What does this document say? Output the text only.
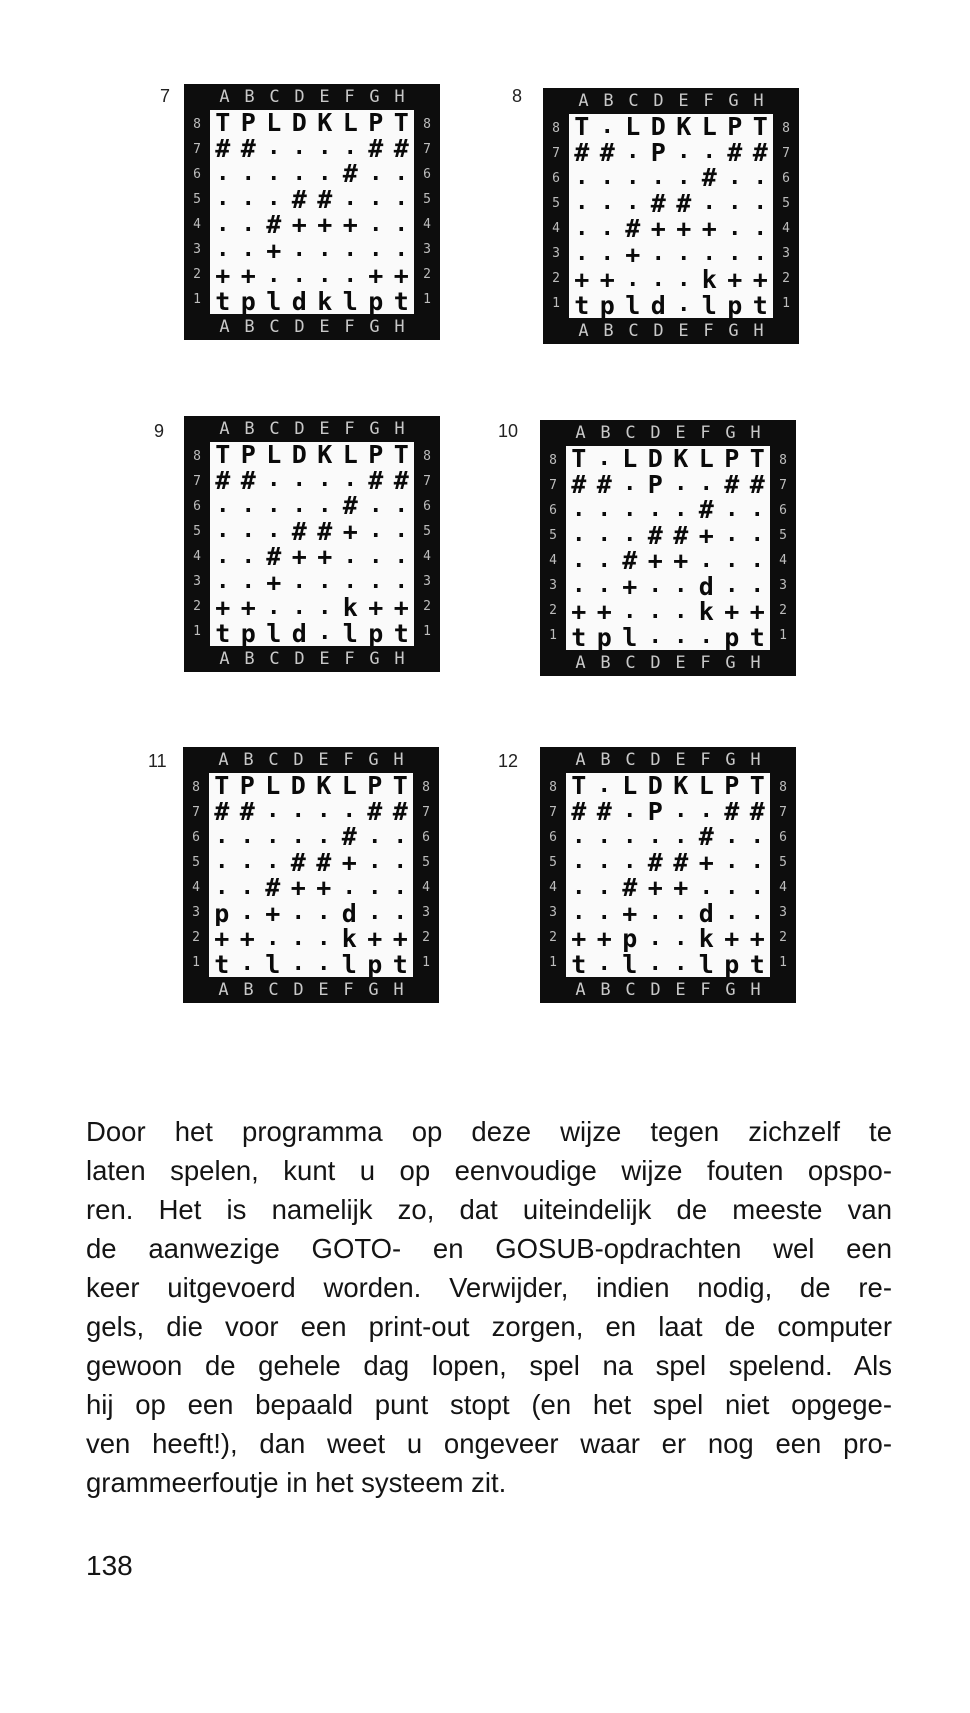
7	8
9	10
11	12
A B C D E F G H
A B C D E F G H
8
7
6
5
4
3
2
1
8
7
6
5
4
3
2
1
T P L D K L P T
# # . . . . # #
. . . . . # . .
. . . # # . . .
. . # + + + . .
. . + . . . . .
+ + . . . . + +
t p l d k l p t
A B C D E F G H
A B C D E F G H
8
7
6
5
4
3
2
1
8
7
6
5
4
3
2
1
T . L D K L P T
# # . P . . # #
. . . . . # . .
. . . # # . . .
. . # + + + . .
. . + . . . . .
+ + . . . k + +
t p l d . l p t
A B C D E F G H
A B C D E F G H
8
7
6
5
4
3
2
1
8
7
6
5
4
3
2
1
T P L D K L P T
# # . . . . # #
. . . . . # . .
. . . # # + . .
. . # + + . . .
. . + . . . . .
+ + . . . k + +
t p l d . l p t
A B C D E F G H
A B C D E F G H
8
7
6
5
4
3
2
1
8
7
6
5
4
3
2
1
T . L D K L P T
# # . P . . # #
. . . . . # . .
. . . # # + . .
. . # + + . . .
. . + . . d . .
+ + . . . k + +
t p l . . . p t
A B C D E F G H
A B C D E F G H
8
7
6
5
4
3
2
1
8
7
6
5
4
3
2
1
T P L D K L P T
# # . . . . # #
. . . . . # . .
. . . # # + . .
. . # + + . . .
p . + . . d . .
+ + . . . k + +
t . l . . l p t
A B C D E F G H
A B C D E F G H
8
7
6
5
4
3
2
1
8
7
6
5
4
3
2
1
T . L D K L P T
# # . P . . # #
. . . . . # . .
. . . # # + . .
. . # + + . . .
. . + . . d . .
+ + p . . k + +
t . l . . l p t
Door het programma op deze wijze tegen zichzelf te
laten spelen, kunt u op eenvoudige wijze fouten opspo-
ren. Het is namelijk zo, dat uiteindelijk de meeste van
de aanwezige GOTO- en GOSUB-opdrachten wel een
keer uitgevoerd worden. Verwijder, indien nodig, de re-
gels, die voor een print-out zorgen, en laat de computer
gewoon de gehele dag lopen, spel na spel spelend. Als
hij op een bepaald punt stopt (en het spel niet opgege-
ven heeft!), dan weet u ongeveer waar er nog een pro-
grammeerfoutje in het systeem zit.
138
